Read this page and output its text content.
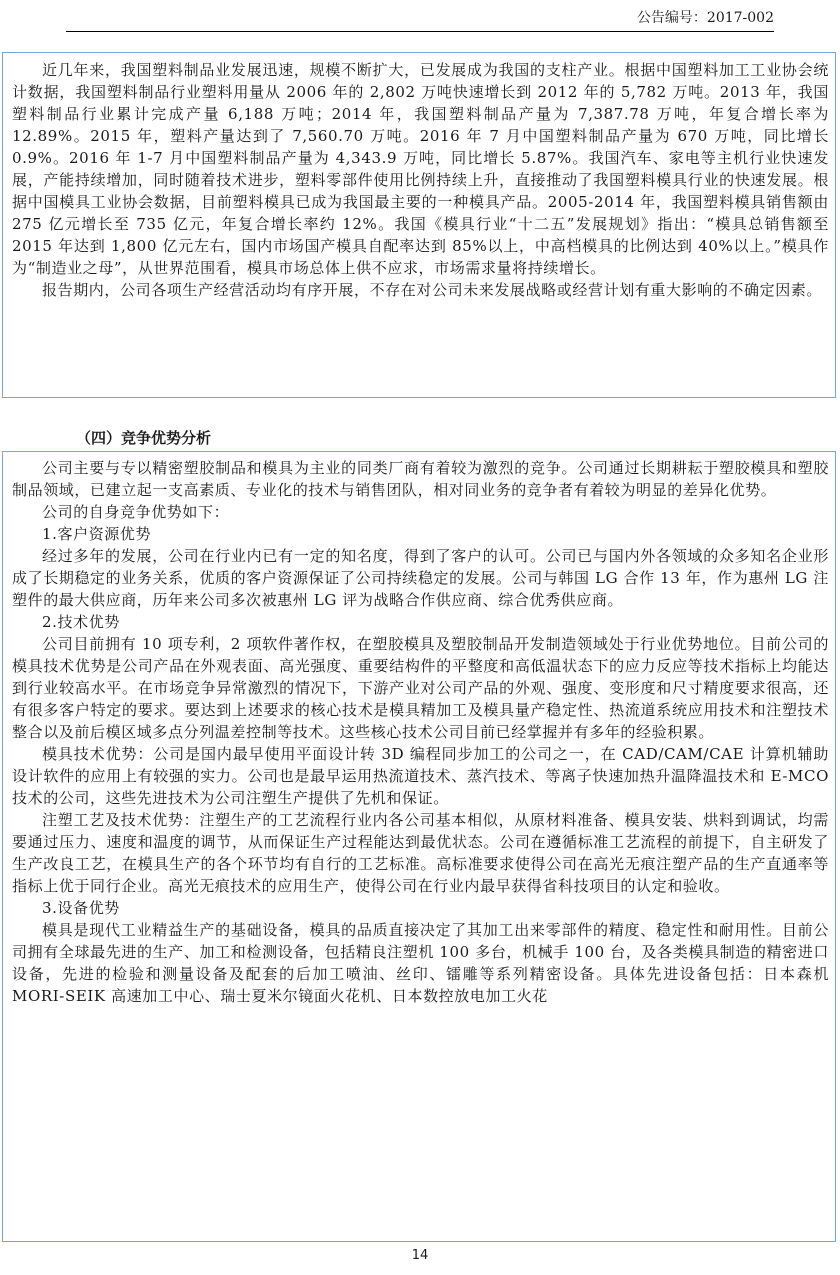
公告编号：2017-002

近几年来，我国塑料制品业发展迅速，规模不断扩大，已发展成为我国的支柱产业。根据中国塑料加工工业协会统计数据，我国塑料制品行业塑料用量从 2006 年的 2,802 万吨快速增长到 2012 年的 5,782 万吨。2013 年，我国塑料制品行业累计完成产量 6,188 万吨；2014 年，我国塑料制品产量为 7,387.78 万吨，年复合增长率为 12.89%。2015 年，塑料产量达到了 7,560.70 万吨。2016 年 7 月中国塑料制品产量为 670 万吨，同比增长 0.9%。2016 年 1-7 月中国塑料制品产量为 4,343.9 万吨，同比增长 5.87%。我国汽车、家电等主机行业快速发展，产能持续增加，同时随着技术进步，塑料零部件使用比例持续上升，直接推动了我国塑料模具行业的快速发展。根据中国模具工业协会数据，目前塑料模具已成为我国最主要的一种模具产品。2005-2014 年，我国塑料模具销售额由 275 亿元增长至 735 亿元，年复合增长率约 12%。我国《模具行业“十二五”发展规划》指出：“模具总销售额至 2015 年达到 1,800 亿元左右，国内市场国产模具自配率达到 85%以上，中高档模具的比例达到 40%以上。”模具作为“制造业之母”，从世界范围看，模具市场总体上供不应求，市场需求量将持续增长。

报告期内，公司各项生产经营活动均有序开展，不存在对公司未来发展战略或经营计划有重大影响的不确定因素。

（四）竞争优势分析

公司主要与专以精密塑胶制品和模具为主业的同类厂商有着较为激烈的竞争。公司通过长期耕耘于塑胶模具和塑胶制品领域，已建立起一支高素质、专业化的技术与销售团队，相对同业务的竞争者有着较为明显的差异化优势。

公司的自身竞争优势如下：

1.客户资源优势

经过多年的发展，公司在行业内已有一定的知名度，得到了客户的认可。公司已与国内外各领域的众多知名企业形成了长期稳定的业务关系，优质的客户资源保证了公司持续稳定的发展。公司与韩国 LG 合作 13 年，作为惠州 LG 注塑件的最大供应商，历年来公司多次被惠州 LG 评为战略合作供应商、综合优秀供应商。

2.技术优势

公司目前拥有 10 项专利，2 项软件著作权，在塑胶模具及塑胶制品开发制造领域处于行业优势地位。目前公司的模具技术优势是公司产品在外观表面、高光强度、重要结构件的平整度和高低温状态下的应力反应等技术指标上均能达到行业较高水平。在市场竞争异常激烈的情况下，下游产业对公司产品的外观、强度、变形度和尺寸精度要求很高，还有很多客户特定的要求。要达到上述要求的核心技术是模具精加工及模具量产稳定性、热流道系统应用技术和注塑技术整合以及前后模区域多点分列温差控制等技术。这些核心技术公司目前已经掌握并有多年的经验积累。

模具技术优势：公司是国内最早使用平面设计转 3D 编程同步加工的公司之一，在 CAD/CAM/CAE 计算机辅助设计软件的应用上有较强的实力。公司也是最早运用热流道技术、蒸汽技术、等离子快速加热升温降温技术和 E-MCO 技术的公司，这些先进技术为公司注塑生产提供了先机和保证。

注塑工艺及技术优势：注塑生产的工艺流程行业内各公司基本相似，从原材料准备、模具安装、烘料到调试，均需要通过压力、速度和温度的调节，从而保证生产过程能达到最优状态。公司在遵循标准工艺流程的前提下，自主研发了生产改良工艺，在模具生产的各个环节均有自行的工艺标准。高标准要求使得公司在高光无痕注塑产品的生产直通率等指标上优于同行企业。高光无痕技术的应用生产，使得公司在行业内最早获得省科技项目的认定和验收。

3.设备优势

模具是现代工业精益生产的基础设备，模具的品质直接决定了其加工出来零部件的精度、稳定性和耐用性。目前公司拥有全球最先进的生产、加工和检测设备，包括精良注塑机 100 多台，机械手 100 台，及各类模具制造的精密进口设备，先进的检验和测量设备及配套的后加工喷油、丝印、镭雕等系列精密设备。具体先进设备包括：日本森机 MORI-SEIK 高速加工中心、瑞士夏米尔镜面火花机、日本数控放电加工火花

14
